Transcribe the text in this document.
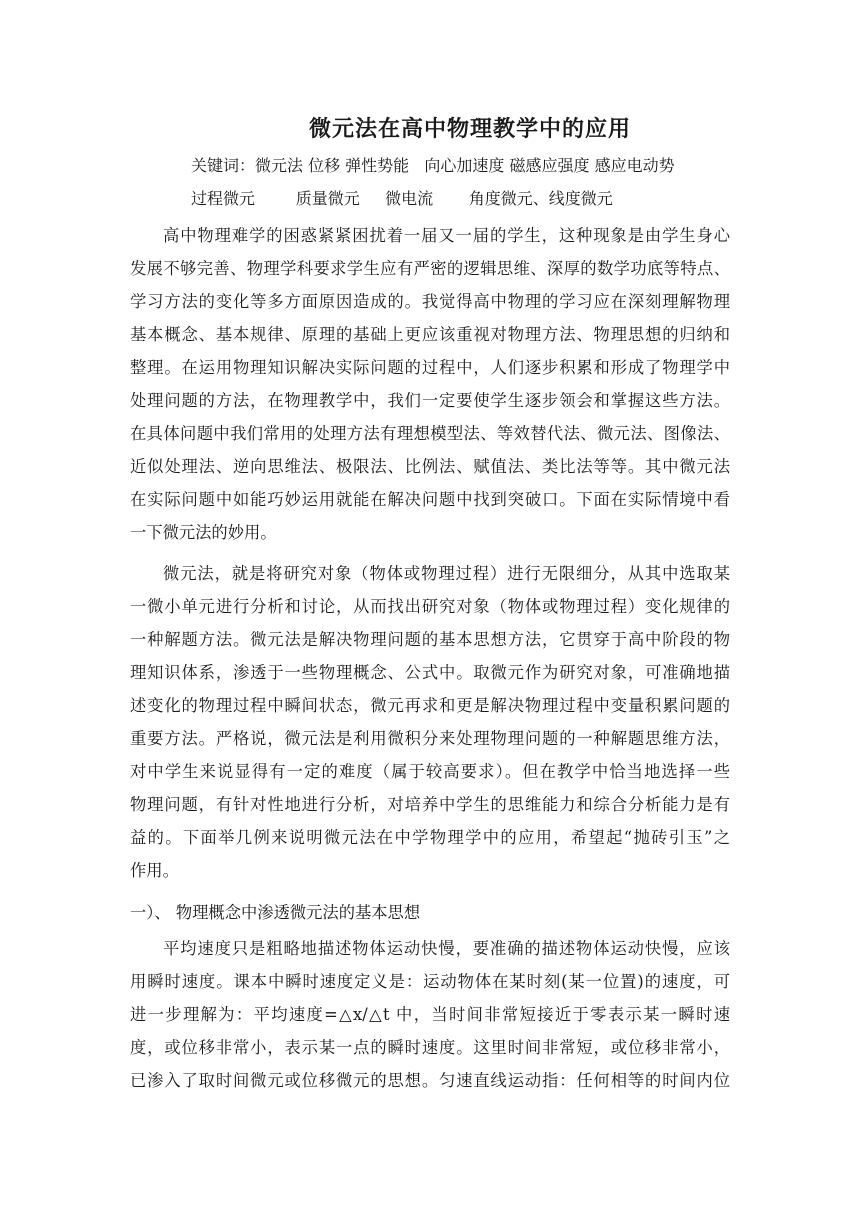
微元法在高中物理教学中的应用
关键词：微元法 位移 弹性势能   向心加速度 磁感应强度 感应电动势
过程微元        质量微元     微电流       角度微元、线度微元
高中物理难学的困惑紧紧困扰着一届又一届的学生，这种现象是由学生身心
发展不够完善、物理学科要求学生应有严密的逻辑思维、深厚的数学功底等特点、
学习方法的变化等多方面原因造成的。我觉得高中物理的学习应在深刻理解物理
基本概念、基本规律、原理的基础上更应该重视对物理方法、物理思想的归纳和
整理。在运用物理知识解决实际问题的过程中，人们逐步积累和形成了物理学中
处理问题的方法，在物理教学中，我们一定要使学生逐步领会和掌握这些方法。
在具体问题中我们常用的处理方法有理想模型法、等效替代法、微元法、图像法、
近似处理法、逆向思维法、极限法、比例法、赋值法、类比法等等。其中微元法
在实际问题中如能巧妙运用就能在解决问题中找到突破口。下面在实际情境中看
一下微元法的妙用。
微元法，就是将研究对象（物体或物理过程）进行无限细分，从其中选取某
一微小单元进行分析和讨论，从而找出研究对象（物体或物理过程）变化规律的
一种解题方法。微元法是解决物理问题的基本思想方法，它贯穿于高中阶段的物
理知识体系，渗透于一些物理概念、公式中。取微元作为研究对象，可准确地描
述变化的物理过程中瞬间状态，微元再求和更是解决物理过程中变量积累问题的
重要方法。严格说，微元法是利用微积分来处理物理问题的一种解题思维方法，
对中学生来说显得有一定的难度（属于较高要求）。但在教学中恰当地选择一些
物理问题，有针对性地进行分析，对培养中学生的思维能力和综合分析能力是有
益的。下面举几例来说明微元法在中学物理学中的应用，希望起“抛砖引玉”之
作用。
一）、 物理概念中渗透微元法的基本思想
平均速度只是粗略地描述物体运动快慢，要准确的描述物体运动快慢，应该
用瞬时速度。课本中瞬时速度定义是：运动物体在某时刻(某一位置)的速度，可
进一步理解为：平均速度=△x/△t 中，当时间非常短接近于零表示某一瞬时速
度，或位移非常小，表示某一点的瞬时速度。这里时间非常短，或位移非常小，
已渗入了取时间微元或位移微元的思想。匀速直线运动指：任何相等的时间内位
